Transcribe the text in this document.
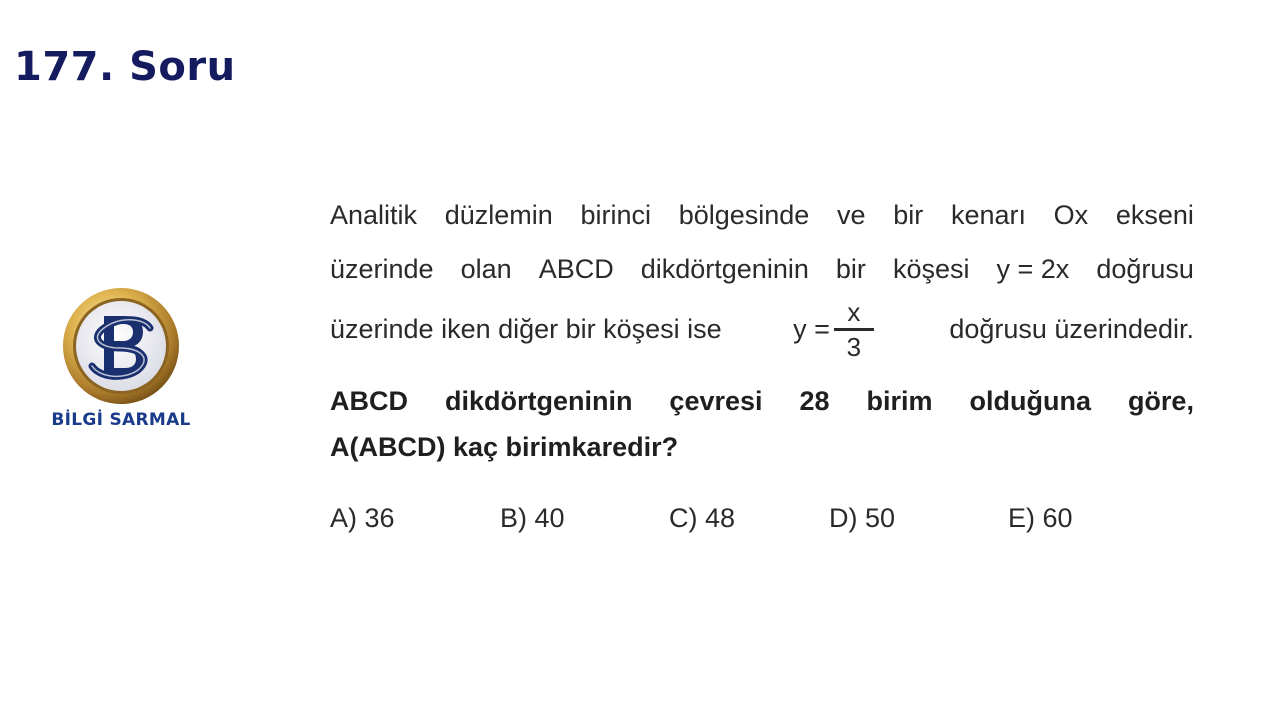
177. Soru
BİLGİ SARMAL
Analitik düzlemin birinci bölgesinde ve bir kenarı Ox ekseni
üzerinde olan ABCD dikdörtgeninin bir köşesi y = 2x doğrusu
üzerinde iken diğer bir köşesi ise	$y = \frac{x}{3}$	doğrusu üzerindedir.
ABCD dikdörtgeninin çevresi 28 birim olduğuna göre,
A(ABCD) kaç birimkaredir?
A) 36	B) 40	C) 48	D) 50	E) 60
